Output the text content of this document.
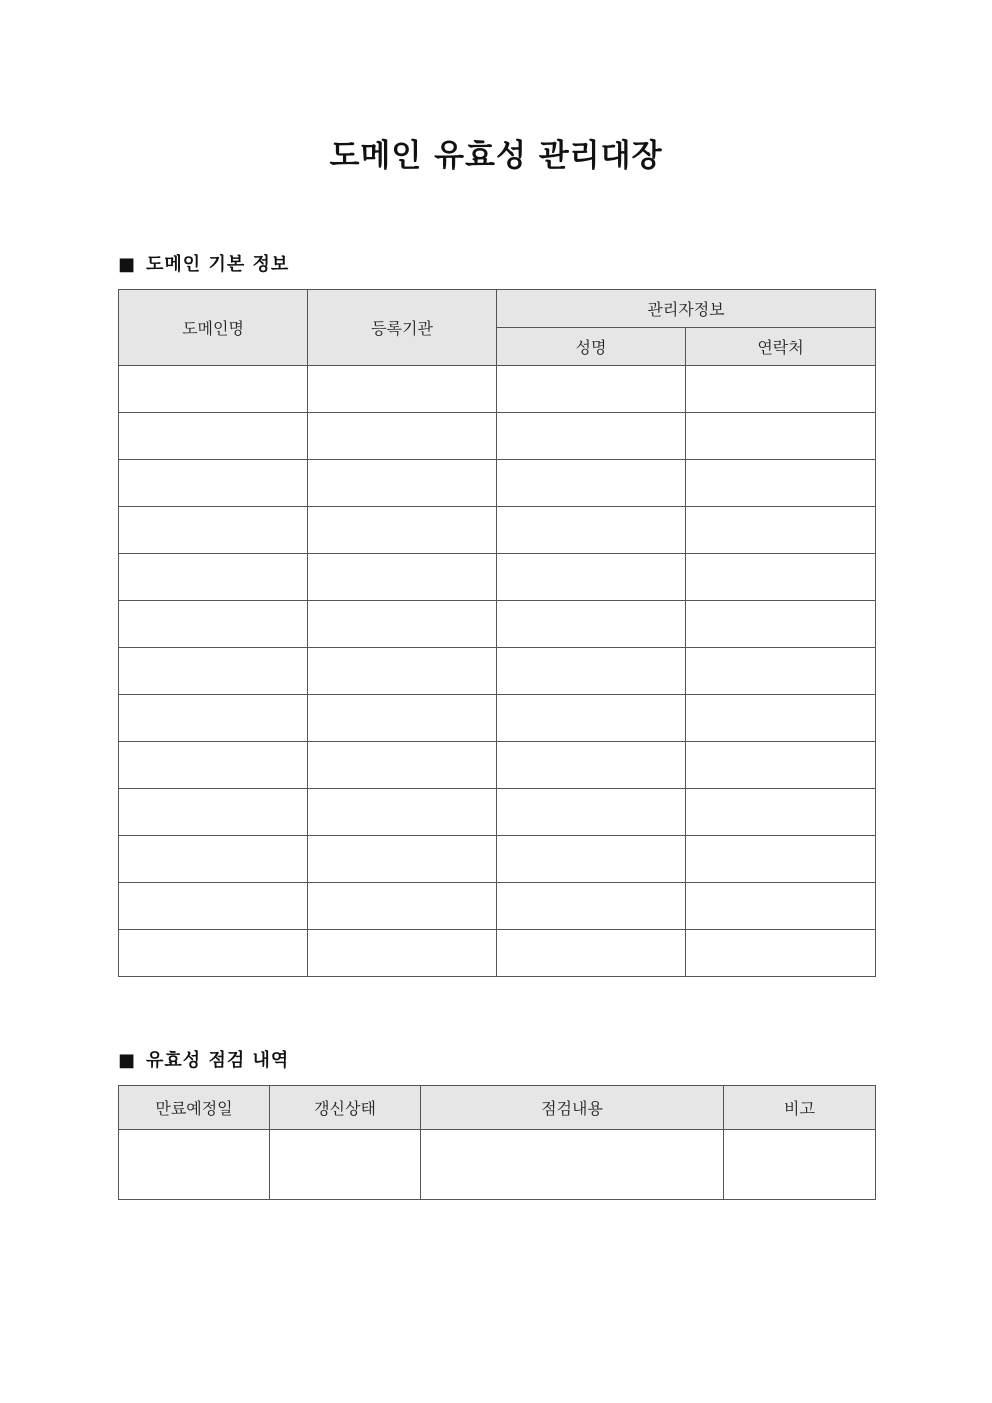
도메인 유효성 관리대장
■ 도메인 기본 정보
도메인명	등록기관	관리자정보	
		성명	연락처

■ 유효성 점검 내역
만료예정일	갱신상태	점검내용	비고
